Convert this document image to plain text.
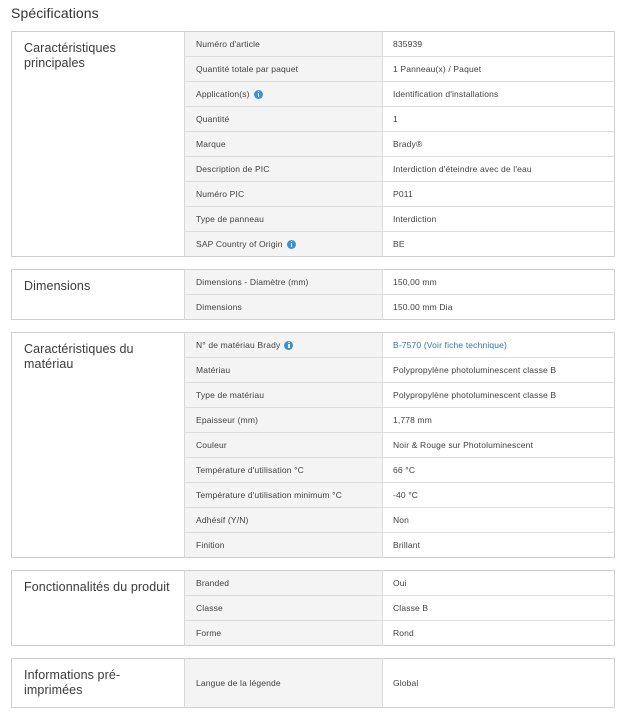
Spécifications
Caractéristiques principales	Numéro d'article	835939

	Quantité totale par paquet	1 Panneau(x) / Paquet

	Application(s)	Identification d'installations

	Quantité	1

	Marque	Brady®

	Description de PIC	Interdiction d'éteindre avec de l'eau

	Numéro PIC	P011

	Type de panneau	Interdiction

	SAP Country of Origin	BE
Dimensions	Dimensions - Diamètre (mm)	150,00 mm

	Dimensions	150.00 mm Dia
Caractéristiques du matériau	N° de matériau Brady	B-7570 (Voir fiche technique)

	Matériau	Polypropylène photoluminescent classe B

	Type de matériau	Polypropylène photoluminescent classe B

	Epaisseur (mm)	1,778 mm

	Couleur	Noir & Rouge sur Photoluminescent

	Température d'utilisation °C	66 °C

	Température d'utilisation minimum °C	-40 °C

	Adhésif (Y/N)	Non

	Finition	Brillant
Fonctionnalités du produit	Branded	Oui

	Classe	Classe B

	Forme	Rond
Informations pré-imprimées	Langue de la légende	Global
